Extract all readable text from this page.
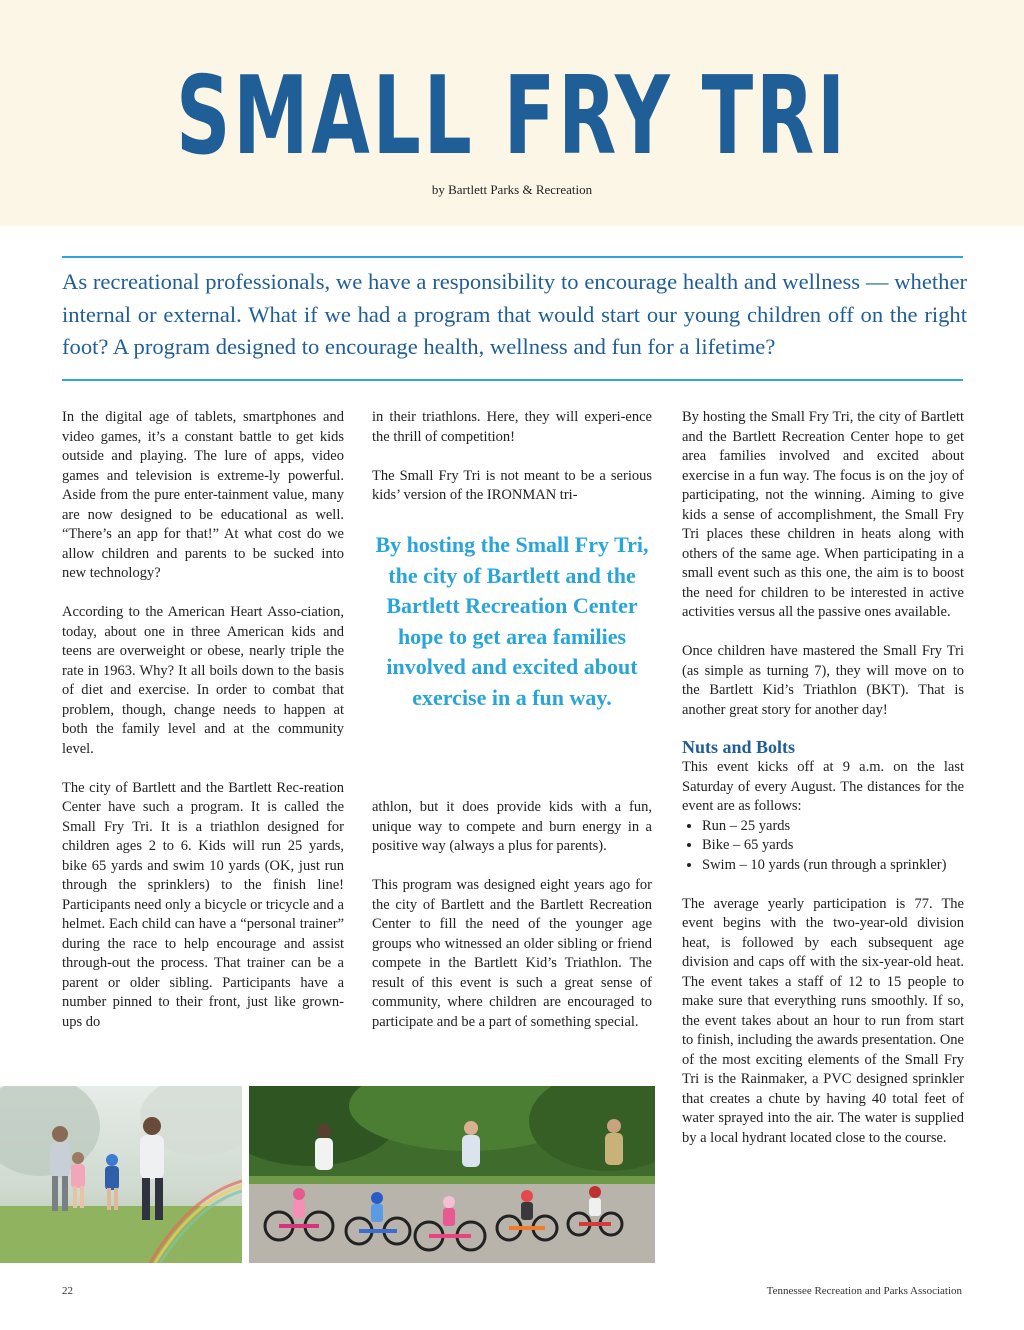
SMALL FRY TRI
by Bartlett Parks & Recreation
As recreational professionals, we have a responsibility to encourage health and wellness — whether internal or external. What if we had a program that would start our young children off on the right foot? A program designed to encourage health, wellness and fun for a lifetime?

In the digital age of tablets, smartphones and video games, it’s a constant battle to get kids outside and playing. The lure of apps, video games and television is extreme-ly powerful. Aside from the pure enter-tainment value, many are now designed to be educational as well. “There’s an app for that!” At what cost do we allow children and parents to be sucked into new technology?

According to the American Heart Asso-ciation, today, about one in three American kids and teens are overweight or obese, nearly triple the rate in 1963. Why? It all boils down to the basis of diet and exercise. In order to combat that problem, though, change needs to happen at both the family level and at the community level.

The city of Bartlett and the Bartlett Rec-reation Center have such a program. It is called the Small Fry Tri. It is a triathlon designed for children ages 2 to 6. Kids will run 25 yards, bike 65 yards and swim 10 yards (OK, just run through the sprinklers) to the finish line! Participants need only a bicycle or tricycle and a helmet. Each child can have a “personal trainer” during the race to help encourage and assist through-out the process. That trainer can be a parent or older sibling. Participants have a number pinned to their front, just like grown-ups do

in their triathlons. Here, they will experi-ence the thrill of competition!

The Small Fry Tri is not meant to be a serious kids’ version of the IRONMAN tri-

By hosting the Small Fry Tri, the city of Bartlett and the Bartlett Recreation Center hope to get area families involved and excited about exercise in a fun way.

athlon, but it does provide kids with a fun, unique way to compete and burn energy in a positive way (always a plus for parents).

This program was designed eight years ago for the city of Bartlett and the Bartlett Recreation Center to fill the need of the younger age groups who witnessed an older sibling or friend compete in the Bartlett Kid’s Triathlon. The result of this event is such a great sense of community, where children are encouraged to participate and be a part of something special.

By hosting the Small Fry Tri, the city of Bartlett and the Bartlett Recreation Center hope to get area families involved and excited about exercise in a fun way. The focus is on the joy of participating, not the winning. Aiming to give kids a sense of accomplishment, the Small Fry Tri places these children in heats along with others of the same age. When participating in a small event such as this one, the aim is to boost the need for children to be interested in active activities versus all the passive ones available.

Once children have mastered the Small Fry Tri (as simple as turning 7), they will move on to the Bartlett Kid’s Triathlon (BKT). That is another great story for another day!

Nuts and Bolts

This event kicks off at 9 a.m. on the last Saturday of every August. The distances for the event are as follows:

• Run – 25 yards
• Bike – 65 yards
• Swim – 10 yards (run through a sprinkler)

The average yearly participation is 77. The event begins with the two-year-old division heat, is followed by each subsequent age division and caps off with the six-year-old heat. The event takes a staff of 12 to 15 people to make sure that everything runs smoothly. If so, the event takes about an hour to run from start to finish, including the awards presentation. One of the most exciting elements of the Small Fry Tri is the Rainmaker, a PVC designed sprinkler that creates a chute by having 40 total feet of water sprayed into the air. The water is supplied by a local hydrant located close to the course.

22	Tennessee Recreation and Parks Association
